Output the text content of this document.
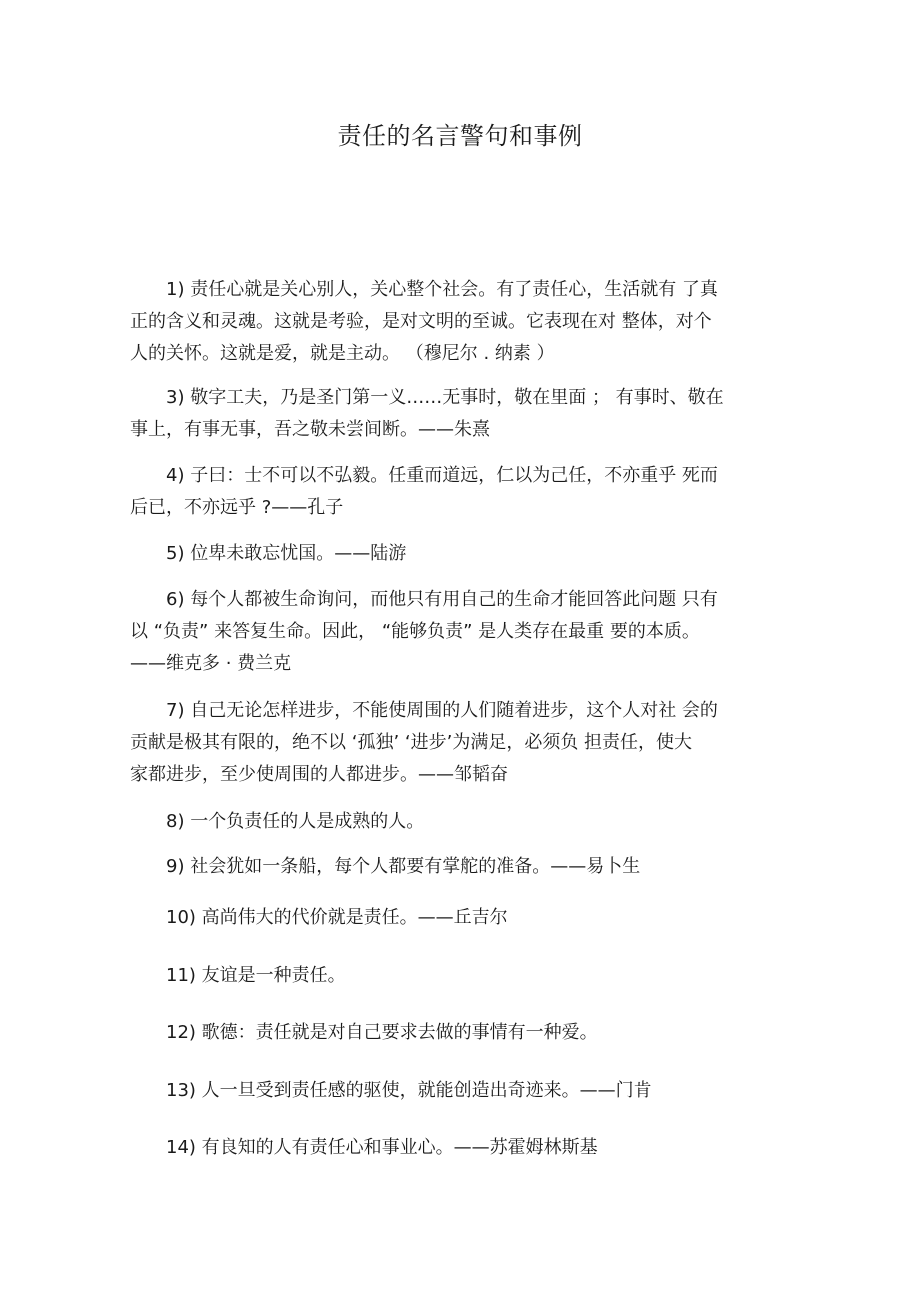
责任的名言警句和事例
1) 责任心就是关心别人，关心整个社会。有了责任心，生活就有 了真
正的含义和灵魂。这就是考验，是对文明的至诚。它表现在对 整体，对个
人的关怀。这就是爱，就是主动。 （穆尼尔 . 纳素 ）
3) 敬字工夫，乃是圣门第一义……无事时，敬在里面 ； 有事时、敬在
事上，有事无事，吾之敬未尝间断。——朱熹
4) 子曰：士不可以不弘毅。任重而道远，仁以为己任，不亦重乎 死而
后已，不亦远乎 ?——孔子
5) 位卑未敢忘忧国。——陆游
6) 每个人都被生命询问，而他只有用自己的生命才能回答此问题 只有
以 “负责” 来答复生命。因此， “能够负责” 是人类存在最重 要的本质。
——维克多 · 费兰克
7) 自己无论怎样进步，不能使周围的人们随着进步，这个人对社 会的
贡献是极其有限的，绝不以 ‘孤独’ ‘进步’为满足，必须负 担责任，使大
家都进步，至少使周围的人都进步。——邹韬奋
8) 一个负责任的人是成熟的人。
9) 社会犹如一条船，每个人都要有掌舵的准备。——易卜生
10) 高尚伟大的代价就是责任。——丘吉尔
11) 友谊是一种责任。
12) 歌德：责任就是对自己要求去做的事情有一种爱。
13) 人一旦受到责任感的驱使，就能创造出奇迹来。——门肯
14) 有良知的人有责任心和事业心。——苏霍姆林斯基
